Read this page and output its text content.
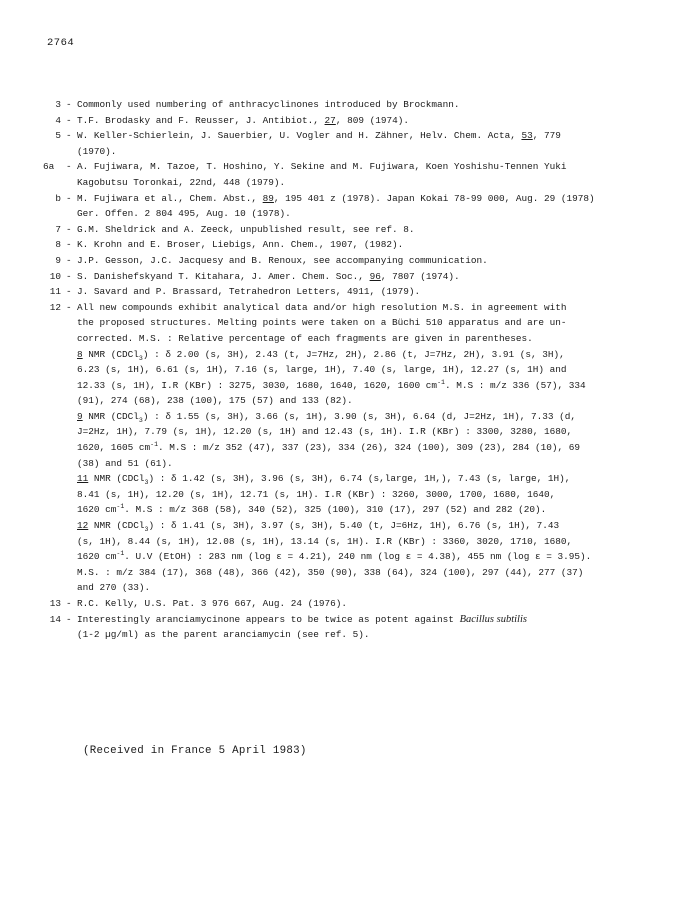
2764
3 - Commonly used numbering of anthracyclinones introduced by Brockmann.
4 - T.F. Brodasky and F. Reusser, J. Antibiot., 27, 809 (1974).
5 - W. Keller-Schierlein, J. Sauerbier, U. Vogler and H. Zähner, Helv. Chem. Acta, 53, 779
(1970).
6a - A. Fujiwara, M. Tazoe, T. Hoshino, Y. Sekine and M. Fujiwara, Koen Yoshishu-Tennen Yuki
Kagobutsu Toronkai, 22nd, 448 (1979).
b - M. Fujiwara et al., Chem. Abst., 89, 195 401 z (1978). Japan Kokai 78-99 000, Aug. 29 (1978)
Ger. Offen. 2 804 495, Aug. 10 (1978).
7 - G.M. Sheldrick and A. Zeeck, unpublished result, see ref. 8.
8 - K. Krohn and E. Broser, Liebigs, Ann. Chem., 1907, (1982).
9 - J.P. Gesson, J.C. Jacquesy and B. Renoux, see accompanying communication.
10 - S. Danishefskyand T. Kitahara, J. Amer. Chem. Soc., 96, 7807 (1974).
11 - J. Savard and P. Brassard, Tetrahedron Letters, 4911, (1979).
12 - All new compounds exhibit analytical data and/or high resolution M.S. in agreement with
the proposed structures. Melting points were taken on a Büchi 510 apparatus and are un-
corrected. M.S. : Relative percentage of each fragments are given in parentheses.
8 NMR (CDCl$_3$) : δ 2.00 (s, 3H), 2.43 (t, J=7Hz, 2H), 2.86 (t, J=7Hz, 2H), 3.91 (s, 3H),
6.23 (s, 1H), 6.61 (s, 1H), 7.16 (s, large, 1H), 7.40 (s, large, 1H), 12.27 (s, 1H) and
12.33 (s, 1H), I.R (KBr) : 3275, 3030, 1680, 1640, 1620, 1600 $cm^{-1}$. M.S : m/z 336 (57), 334
(91), 274 (68), 238 (100), 175 (57) and 133 (82).
9 NMR (CDCl$_3$) : δ 1.55 (s, 3H), 3.66 (s, 1H), 3.90 (s, 3H), 6.64 (d, J=2Hz, 1H), 7.33 (d,
J=2Hz, 1H), 7.79 (s, 1H), 12.20 (s, 1H) and 12.43 (s, 1H). I.R (KBr) : 3300, 3280, 1680,
1620, 1605 $cm^{-1}$. M.S : m/z 352 (47), 337 (23), 334 (26), 324 (100), 309 (23), 284 (10), 69
(38) and 51 (61).
11 NMR (CDCl$_3$) : δ 1.42 (s, 3H), 3.96 (s, 3H), 6.74 (s,large, 1H,), 7.43 (s, large, 1H),
8.41 (s, 1H), 12.20 (s, 1H), 12.71 (s, 1H). I.R (KBr) : 3260, 3000, 1700, 1680, 1640,
1620 $cm^{-1}$. M.S : m/z 368 (58), 340 (52), 325 (100), 310 (17), 297 (52) and 282 (20).
12 NMR (CDCl$_3$) : δ 1.41 (s, 3H), 3.97 (s, 3H), 5.40 (t, J=6Hz, 1H), 6.76 (s, 1H), 7.43
(s, 1H), 8.44 (s, 1H), 12.08 (s, 1H), 13.14 (s, 1H). I.R (KBr) : 3360, 3020, 1710, 1680,
1620 $cm^{-1}$. U.V (EtOH) : 283 nm (log ε = 4.21), 240 nm (log ε = 4.38), 455 nm (log ε = 3.95).
M.S. : m/z 384 (17), 368 (48), 366 (42), 350 (90), 338 (64), 324 (100), 297 (44), 277 (37)
and 270 (33).
13 - R.C. Kelly, U.S. Pat. 3 976 667, Aug. 24 (1976).
14 - Interestingly aranciamycinone appears to be twice as potent against Bacillus subtilis
(1-2 µg/ml) as the parent aranciamycin (see ref. 5).
(Received in France 5 April 1983)
